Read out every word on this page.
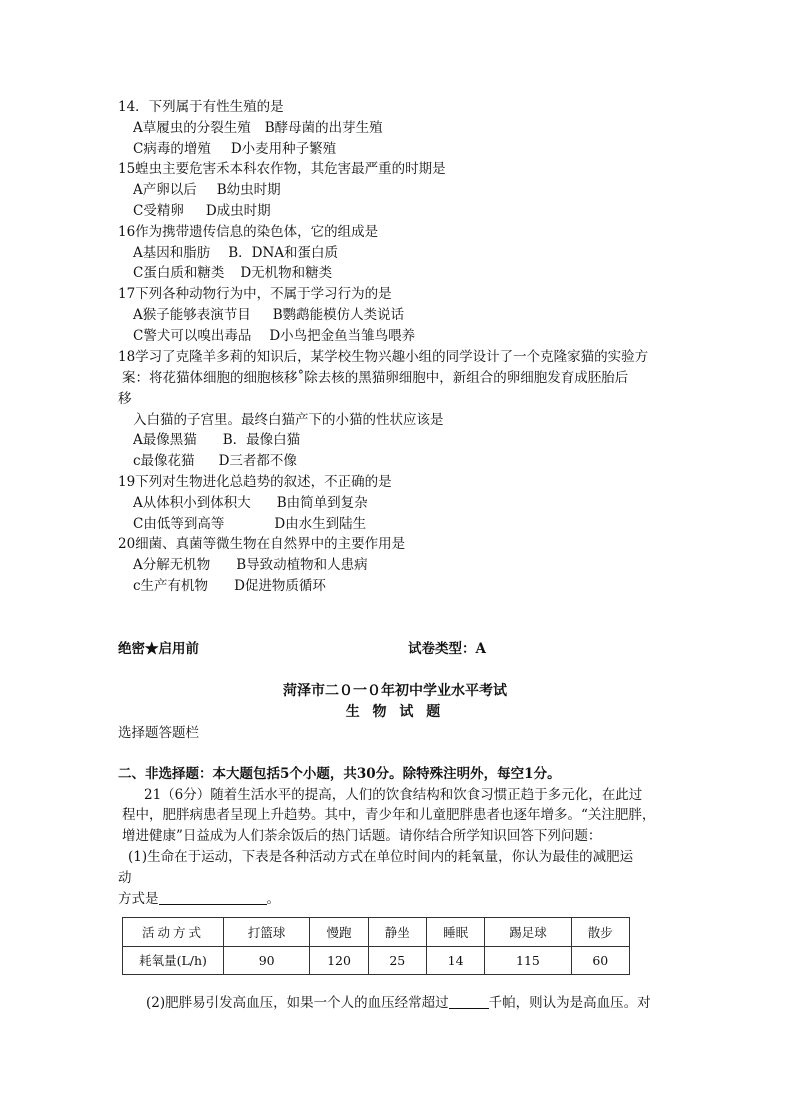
14．下列属于有性生殖的是
A草履虫的分裂生殖 B酵母菌的出芽生殖
C病毒的增殖 D小麦用种子繁殖
15蝗虫主要危害禾本科农作物，其危害最严重的时期是
A产卵以后 B幼虫时期
C受精卵 D成虫时期
16作为携带遗传信息的染色体，它的组成是
A基因和脂肪 B．DNA和蛋白质
C蛋白质和糖类 D无机物和糖类
17下列各种动物行为中，不属于学习行为的是
A猴子能够表演节目 B鹦鹉能模仿人类说话
C警犬可以嗅出毒品 D小鸟把金鱼当雏鸟喂养
18学习了克隆羊多莉的知识后，某学校生物兴趣小组的同学设计了一个克隆家猫的实验方
案：将花猫体细胞的细胞核移˚除去核的黑猫卵细胞中，新组合的卵细胞发育成胚胎后
移
入白猫的子宫里。最终白猫产下的小猫的性状应该是
A最像黑猫 B．最像白猫
c最像花猫 D三者都不像
19下列对生物进化总趋势的叙述，不正确的是
A从体积小到体积大 B由简单到复杂
C由低等到高等	D由水生到陆生
20细菌、真菌等微生物在自然界中的主要作用是
A分解无机物 B导致动植物和人患病
c生产有机物 D促进物质循环
绝密★启用前	试卷类型：A
菏泽市二０一０年初中学业水平考试
生 物 试 题
选择题答题栏
二、非选择题：本大题包括5个小题，共30分。除特殊注明外，每空1分。
21（6分）随着生活水平的提高，人们的饮食结构和饮食习惯正趋于多元化，在此过
程中，肥胖病患者呈现上升趋势。其中，青少年和儿童肥胖患者也逐年增多。“关注肥胖，
增进健康”日益成为人们荼余饭后的热门话题。请你结合所学知识回答下列问题：
(1)生命在于运动，下表是各种活动方式在单位时间内的耗氧量，你认为最佳的减肥运
动
方式是	。
活动方式	打篮球	慢跑	静坐	睡眠	踢足球	散步
耗氧量(L/h)	90	120	25	14	115	60
(2)肥胖易引发高血压，如果一个人的血压经常超过	千帕，则认为是高血压。对
